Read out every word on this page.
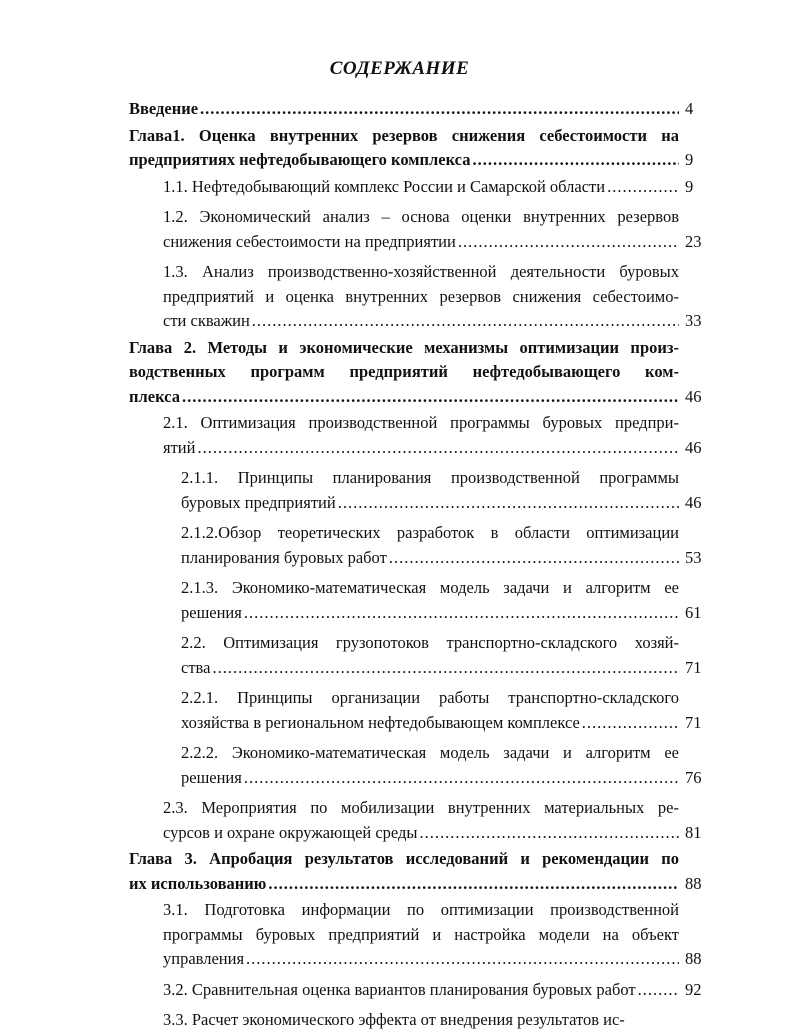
СОДЕРЖАНИЕ
Введение .....	4
Глава1. Оценка внутренних резервов снижения себестоимости на
предприятиях нефтедобывающего комплекса .....	9
1.1. Нефтедобывающий комплекс России и Самарской области .....	9
1.2. Экономический анализ – основа оценки внутренних резервов
снижения себестоимости на предприятии .....	23
1.3. Анализ производственно-хозяйственной деятельности буровых
предприятий и оценка внутренних резервов снижения себестоимо-
сти скважин .....	33
Глава 2. Методы и экономические механизмы оптимизации произ-
водственных программ предприятий нефтедобывающего ком-
плекса .....	46
2.1. Оптимизация производственной программы буровых предпри-
ятий .....	46
2.1.1. Принципы планирования производственной программы
буровых предприятий .....	46
2.1.2.Обзор теоретических разработок в области оптимизации
планирования буровых работ .....	53
2.1.3. Экономико-математическая модель задачи и алгоритм ее
решения .....	61
2.2. Оптимизация грузопотоков транспортно-складского хозяй-
ства .....	71
2.2.1. Принципы организации работы транспортно-складского
хозяйства в региональном нефтедобывающем комплексе .....	71
2.2.2. Экономико-математическая модель задачи и алгоритм ее
решения .....	76
2.3. Мероприятия по мобилизации внутренних материальных ре-
сурсов и охране окружающей среды .....	81
Глава 3. Апробация результатов исследований и рекомендации по
их использованию .....	88
3.1. Подготовка информации по оптимизации производственной
программы буровых предприятий и настройка модели на объект
управления .....	88
3.2. Сравнительная оценка вариантов планирования буровых работ .....	92
3.3. Расчет экономического эффекта от внедрения результатов ис-
